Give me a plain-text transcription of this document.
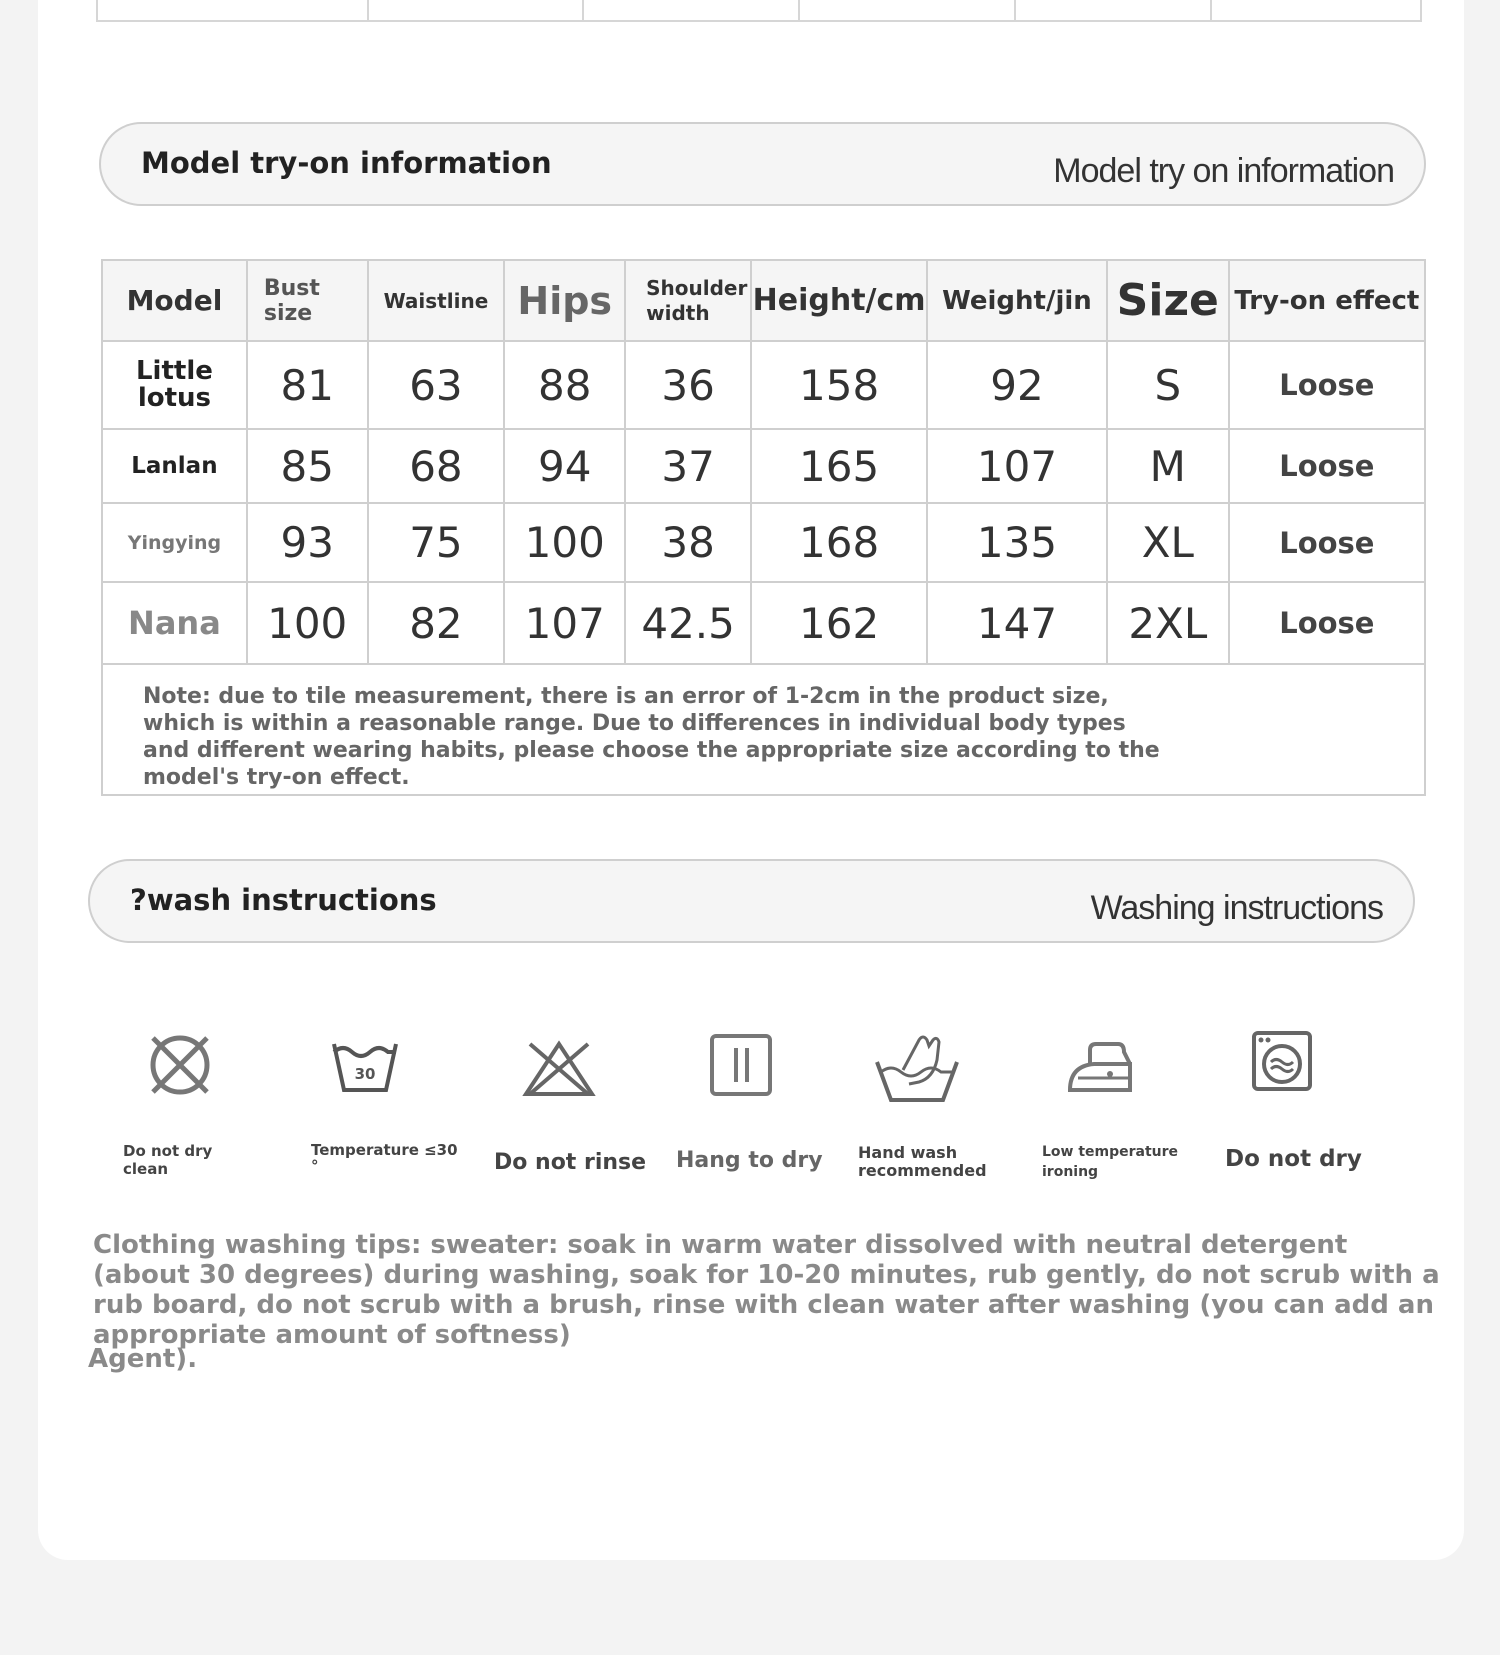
Model try-on information	Model try on information
Model	Bust size	Waistline	Hips	Shoulder width	Height/cm	Weight/jin	Size	Try-on effect
Little lotus	81	63	88	36	158	92	S	Loose
Lanlan	85	68	94	37	165	107	M	Loose
Yingying	93	75	100	38	168	135	XL	Loose
Nana	100	82	107	42.5	162	147	2XL	Loose

Note: due to tile measurement, there is an error of 1-2cm in the product size, which is within a reasonable range. Due to differences in individual body types and different wearing habits, please choose the appropriate size according to the model's try-on effect.

?wash instructions	Washing instructions
Do not dry clean
30
Temperature ≤30 °	Do not rinse Hang to dry Hand wash recommended
Low temperature ironing	Do not dry
Clothing washing tips: sweater: soak in warm water dissolved with neutral detergent (about 30 degrees) during washing, soak for 10-20 minutes, rub gently, do not scrub with a rub board, do not scrub with a brush, rinse with clean water after washing (you can add an appropriate amount of softness)
Agent).
